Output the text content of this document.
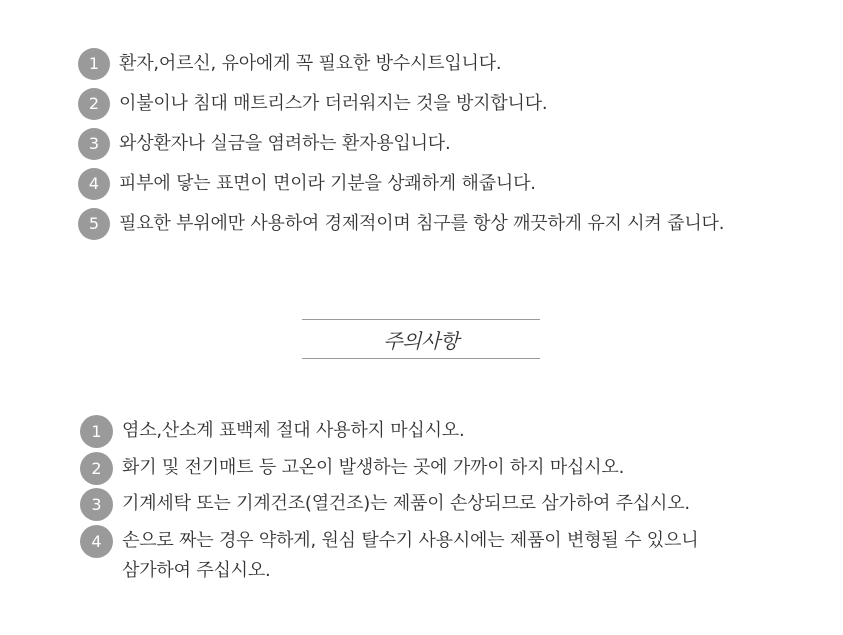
1	환자,어르신, 유아에게 꼭 필요한 방수시트입니다.
2	이불이나 침대 매트리스가 더러워지는 것을 방지합니다.
3	와상환자나 실금을 염려하는 환자용입니다.
4	피부에 닿는 표면이 면이라 기분을 상쾌하게 해줍니다.
5	필요한 부위에만 사용하여 경제적이며 침구를 항상 깨끗하게 유지 시켜 줍니다.
주의사항
1	염소,산소계 표백제 절대 사용하지 마십시오.
2	화기 및 전기매트 등 고온이 발생하는 곳에 가까이 하지 마십시오.
3	기계세탁 또는 기계건조(열건조)는 제품이 손상되므로 삼가하여 주십시오.
4	손으로 짜는 경우 약하게, 원심 탈수기 사용시에는 제품이 변형될 수 있으니
삼가하여 주십시오.
